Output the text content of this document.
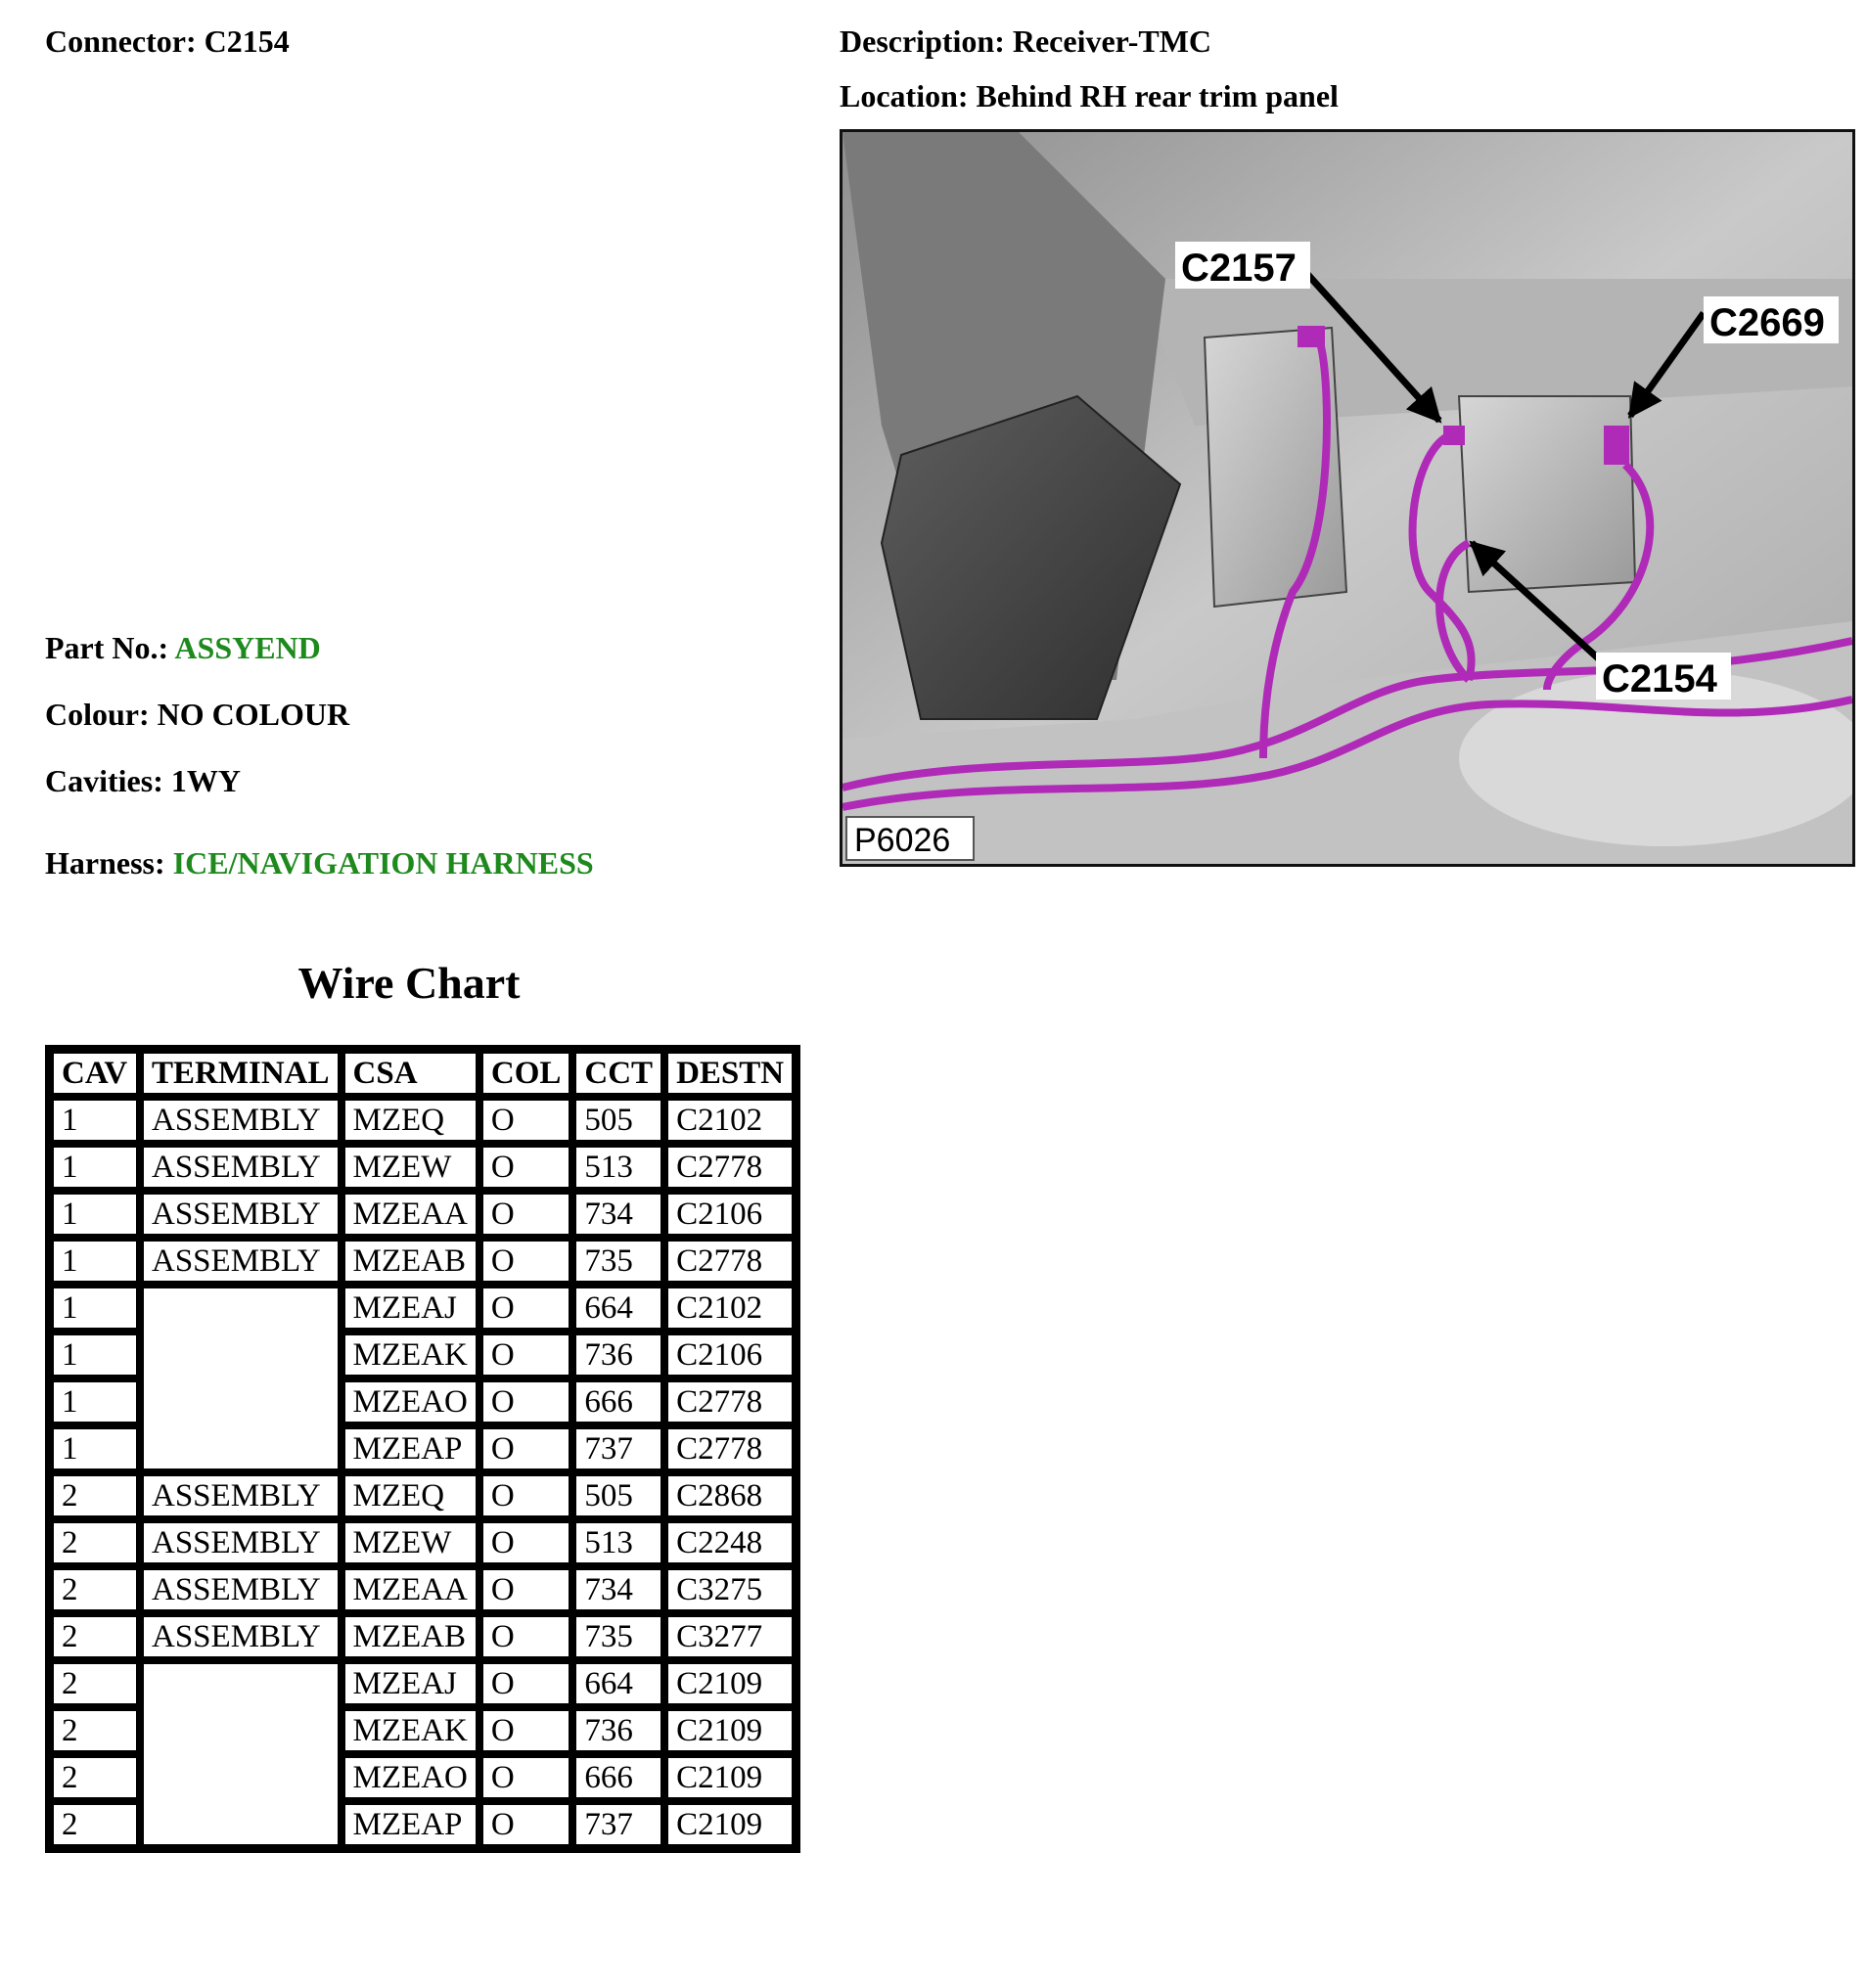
Connector: C2154	Description: Receiver-TMC
Location: Behind RH rear trim panel
Part No.: ASSYEND
Colour: NO COLOUR
Cavities: 1WY
Harness: ICE/NAVIGATION HARNESS
C2157
C2669
C2154
P6026
Wire Chart
CAV	TERMINAL	CSA	COL	CCT	DESTN
1	ASSEMBLY	MZEQ	O	505	C2102
1	ASSEMBLY	MZEW	O	513	C2778
1	ASSEMBLY	MZEAA	O	734	C2106
1	ASSEMBLY	MZEAB	O	735	C2778
1		MZEAJ	O	664	C2102
1		MZEAK	O	736	C2106
1		MZEAO	O	666	C2778
1		MZEAP	O	737	C2778
2	ASSEMBLY	MZEQ	O	505	C2868
2	ASSEMBLY	MZEW	O	513	C2248
2	ASSEMBLY	MZEAA	O	734	C3275
2	ASSEMBLY	MZEAB	O	735	C3277
2		MZEAJ	O	664	C2109
2		MZEAK	O	736	C2109
2		MZEAO	O	666	C2109
2		MZEAP	O	737	C2109
